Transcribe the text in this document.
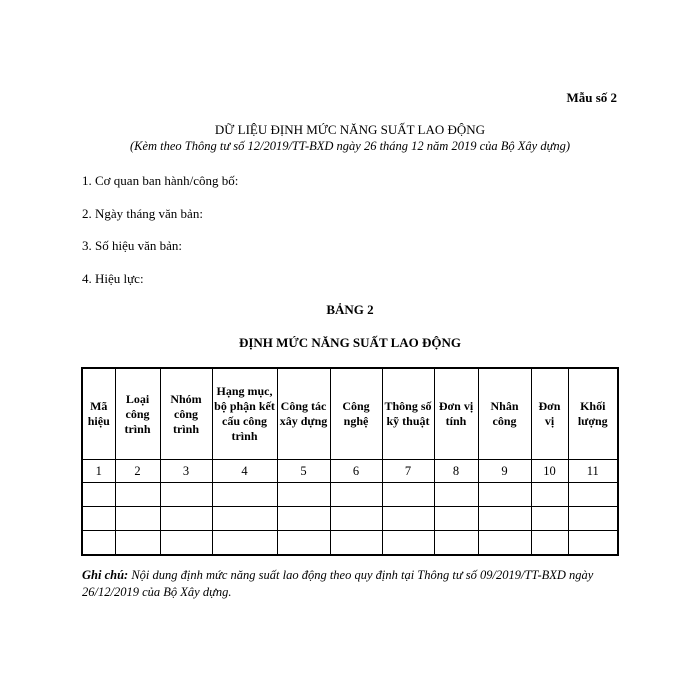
Mẫu số 2
DỮ LIỆU ĐỊNH MỨC NĂNG SUẤT LAO ĐỘNG
(Kèm theo Thông tư số 12/2019/TT-BXD ngày 26 tháng 12 năm 2019 của Bộ Xây dựng)
1. Cơ quan ban hành/công bố:
2. Ngày tháng văn bản:
3. Số hiệu văn bản:
4. Hiệu lực:
BẢNG 2
ĐỊNH MỨC NĂNG SUẤT LAO ĐỘNG
Mã hiệu	Loại công trình	Nhóm công trình	Hạng mục, bộ phận kết cấu công trình	Công tác xây dựng	Công nghệ	Thông số kỹ thuật	Đơn vị tính	Nhân công	Đơn vị	Khối lượng
1	2	3	4	5	6	7	8	9	10	11

Ghi chú: Nội dung định mức năng suất lao động theo quy định tại Thông tư số 09/2019/TT-BXD ngày 26/12/2019 của Bộ Xây dựng.
